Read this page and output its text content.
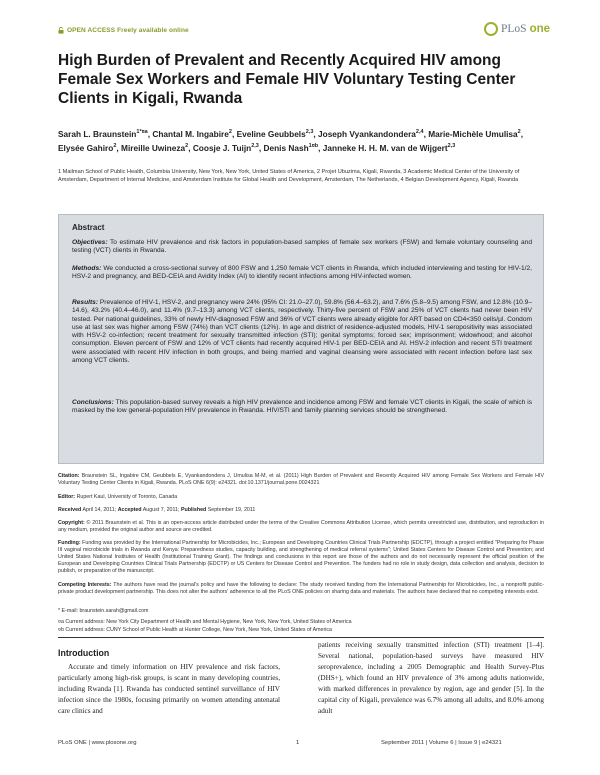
OPEN ACCESS Freely available online	PLoS one
High Burden of Prevalent and Recently Acquired HIV among Female Sex Workers and Female HIV Voluntary Testing Center Clients in Kigali, Rwanda
Sarah L. Braunstein$^{1*¤a}$, Chantal M. Ingabire$^2$, Eveline Geubbels$^{2,3}$, Joseph Vyankandondera$^{2,4}$, Marie-Michèle Umulisa$^2$, Elysée Gahiro$^2$, Mireille Uwineza$^2$, Coosje J. Tuijn$^{2,3}$, Denis Nash$^{1¤b}$, Janneke H. H. M. van de Wijgert$^{2,3}$
1 Mailman School of Public Health, Columbia University, New York, New York, United States of America, 2 Projet Ubuzima, Kigali, Rwanda, 3 Academic Medical Center of the University of Amsterdam, Department of Internal Medicine, and Amsterdam Institute for Global Health and Development, Amsterdam, The Netherlands, 4 Belgian Development Agency, Kigali, Rwanda
Abstract
Objectives: To estimate HIV prevalence and risk factors in population-based samples of female sex workers (FSW) and female voluntary counseling and testing (VCT) clients in Rwanda.
Methods: We conducted a cross-sectional survey of 800 FSW and 1,250 female VCT clients in Rwanda, which included interviewing and testing for HIV-1/2, HSV-2 and pregnancy, and BED-CEIA and Avidity Index (AI) to identify recent infections among HIV-infected women.
Results: Prevalence of HIV-1, HSV-2, and pregnancy were 24% (95% CI: 21.0–27.0), 59.8% (56.4–63.2), and 7.6% (5.8–9.5) among FSW, and 12.8% (10.9–14.6), 43.2% (40.4–46.0), and 11.4% (9.7–13.3) among VCT clients, respectively. Thirty-five percent of FSW and 25% of VCT clients had never been HIV tested. Per national guidelines, 33% of newly HIV-diagnosed FSW and 36% of VCT clients were already eligible for ART based on CD4<350 cells/µl. Condom use at last sex was higher among FSW (74%) than VCT clients (12%). In age and district of residence-adjusted models, HIV-1 seropositivity was associated with HSV-2 co-infection; recent treatment for sexually transmitted infection (STI); genital symptoms; forced sex; imprisonment; widowhood; and alcohol consumption. Eleven percent of FSW and 12% of VCT clients had recently acquired HIV-1 per BED-CEIA and AI. HSV-2 infection and recent STI treatment were associated with recent HIV infection in both groups, and being married and vaginal cleansing were associated with recent infection before last sex among VCT clients.
Conclusions: This population-based survey reveals a high HIV prevalence and incidence among FSW and female VCT clients in Kigali, the scale of which is masked by the low general-population HIV prevalence in Rwanda. HIV/STI and family planning services should be strengthened.
Citation: Braunstein SL, Ingabire CM, Geubbels E, Vyankandondera J, Umulisa M-M, et al. (2011) High Burden of Prevalent and Recently Acquired HIV among Female Sex Workers and Female HIV Voluntary Testing Center Clients in Kigali, Rwanda. PLoS ONE 6(9): e24321. doi:10.1371/journal.pone.0024321
Editor: Rupert Kaul, University of Toronto, Canada
Received April 14, 2011; Accepted August 7, 2011; Published September 19, 2011
Copyright: © 2011 Braunstein et al. This is an open-access article distributed under the terms of the Creative Commons Attribution License, which permits unrestricted use, distribution, and reproduction in any medium, provided the original author and source are credited.
Funding: Funding was provided by the International Partnership for Microbicides, Inc.; European and Developing Countries Clinical Trials Partnership (EDCTP), through a project entitled "Preparing for Phase III vaginal microbicide trials in Rwanda and Kenya: Preparedness studies, capacity building, and strengthening of medical referral systems"; United States Centers for Disease Control and Prevention; and United States National Institutes of Health (Institutional Training Grant). The findings and conclusions in this report are those of the authors and do not necessarily represent the official position of the European and Developing Countries Clinical Trials Partnership (EDCTP) or US Centers for Disease Control and Prevention. The funders had no role in study design, data collection and analysis, decision to publish, or preparation of the manuscript.
Competing Interests: The authors have read the journal's policy and have the following to declare: The study received funding from the International Partnership for Microbicides, Inc., a nonprofit public-private product development partnership. This does not alter the authors' adherence to all the PLoS ONE policies on sharing data and materials. The authors have declared that no competing interests exist.
* E-mail: braunstein.sarah@gmail.com
¤a Current address: New York City Department of Health and Mental Hygiene, New York, New York, United States of America
¤b Current address: CUNY School of Public Health at Hunter College, New York, New York, United States of America
Introduction
Accurate and timely information on HIV prevalence and risk factors, particularly among high-risk groups, is scant in many developing countries, including Rwanda [1]. Rwanda has conducted sentinel surveillance of HIV infection since the 1980s, focusing primarily on women attending antenatal care clinics and
patients receiving sexually transmitted infection (STI) treatment [1–4]. Several national, population-based surveys have measured HIV seroprevalence, including a 2005 Demographic and Health Survey-Plus (DHS+), which found an HIV prevalence of 3% among adults nationwide, with marked differences in prevalence by region, age and gender [5]. In the capital city of Kigali, prevalence was 6.7% among all adults, and 8.0% among adult
PLoS ONE | www.plosone.org	1	September 2011 | Volume 6 | Issue 9 | e24321
